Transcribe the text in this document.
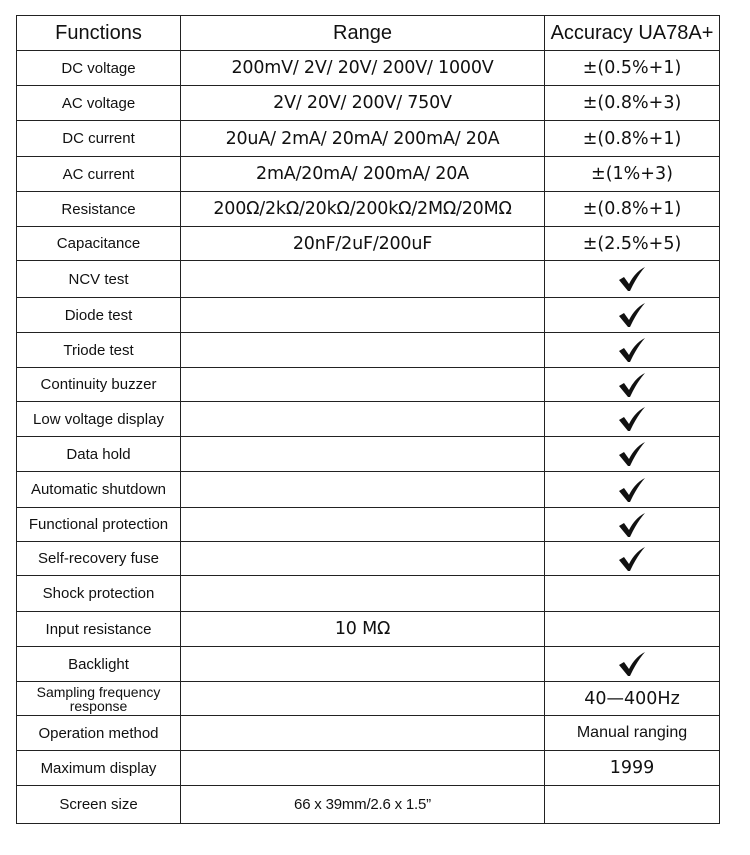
Functions	Range	Accuracy UA78A+
DC voltage	200mV/ 2V/ 20V/ 200V/ 1000V	±(0.5%+1)
AC voltage	2V/ 20V/ 200V/ 750V	±(0.8%+3)
DC current	20uA/ 2mA/ 20mA/ 200mA/ 20A	±(0.8%+1)
AC current	2mA/20mA/ 200mA/ 20A	±(1%+3)
Resistance	200Ω/2kΩ/20kΩ/200kΩ/2MΩ/20MΩ	±(0.8%+1)
Capacitance	20nF/2uF/200uF	±(2.5%+5)
NCV test		
Diode test		
Triode test		
Continuity buzzer		
Low voltage display		
Data hold		
Automatic shutdown		
Functional protection		
Self-recovery fuse		
Shock protection		
Input resistance	10 MΩ	
Backlight		
Sampling frequency response		40—400Hz
Operation method		Manual ranging
Maximum display		1999
Screen size	66 x 39mm/2.6 x 1.5”	
